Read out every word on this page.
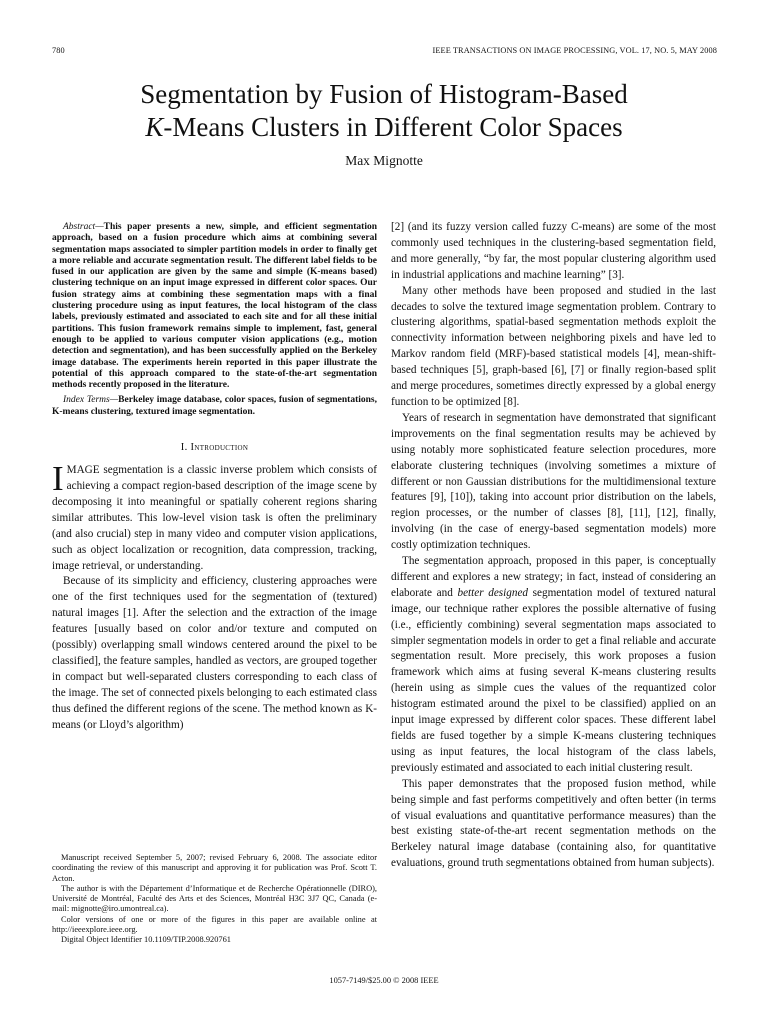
780	IEEE TRANSACTIONS ON IMAGE PROCESSING, VOL. 17, NO. 5, MAY 2008
Segmentation by Fusion of Histogram-Based
K-Means Clusters in Different Color Spaces
Max Mignotte

Abstract—This paper presents a new, simple, and efficient segmentation approach, based on a fusion procedure which aims at combining several segmentation maps associated to simpler partition models in order to finally get a more reliable and accurate segmentation result. The different label fields to be fused in our application are given by the same and simple (K-means based) clustering technique on an input image expressed in different color spaces. Our fusion strategy aims at combining these segmentation maps with a final clustering procedure using as input features, the local histogram of the class labels, previously estimated and associated to each site and for all these initial partitions. This fusion framework remains simple to implement, fast, general enough to be applied to various computer vision applications (e.g., motion detection and segmentation), and has been successfully applied on the Berkeley image database. The experiments herein reported in this paper illustrate the potential of this approach compared to the state-of-the-art segmentation methods recently proposed in the literature.

Index Terms—Berkeley image database, color spaces, fusion of segmentations, K-means clustering, textured image segmentation.

I. Introduction

IMAGE segmentation is a classic inverse problem which consists of achieving a compact region-based description of the image scene by decomposing it into meaningful or spatially coherent regions sharing similar attributes. This low-level vision task is often the preliminary (and also crucial) step in many video and computer vision applications, such as object localization or recognition, data compression, tracking, image retrieval, or understanding.

Because of its simplicity and efficiency, clustering approaches were one of the first techniques used for the segmentation of (textured) natural images [1]. After the selection and the extraction of the image features [usually based on color and/or texture and computed on (possibly) overlapping small windows centered around the pixel to be classified], the feature samples, handled as vectors, are grouped together in compact but well-separated clusters corresponding to each class of the image. The set of connected pixels belonging to each estimated class thus defined the different regions of the scene. The method known as K-means (or Lloyd’s algorithm)

Manuscript received September 5, 2007; revised February 6, 2008. The associate editor coordinating the review of this manuscript and approving it for publication was Prof. Scott T. Acton.

The author is with the Département d’Informatique et de Recherche Opérationnelle (DIRO), Université de Montréal, Faculté des Arts et des Sciences, Montréal H3C 3J7 QC, Canada (e-mail: mignotte@iro.umontreal.ca).

Color versions of one or more of the figures in this paper are available online at http://ieeexplore.ieee.org.

Digital Object Identifier 10.1109/TIP.2008.920761

[2] (and its fuzzy version called fuzzy C-means) are some of the most commonly used techniques in the clustering-based segmentation field, and more generally, “by far, the most popular clustering algorithm used in industrial applications and machine learning” [3].

Many other methods have been proposed and studied in the last decades to solve the textured image segmentation problem. Contrary to clustering algorithms, spatial-based segmentation methods exploit the connectivity information between neighboring pixels and have led to Markov random field (MRF)-based statistical models [4], mean-shift-based techniques [5], graph-based [6], [7] or finally region-based split and merge procedures, sometimes directly expressed by a global energy function to be optimized [8].

Years of research in segmentation have demonstrated that significant improvements on the final segmentation results may be achieved by using notably more sophisticated feature selection procedures, more elaborate clustering techniques (involving sometimes a mixture of different or non Gaussian distributions for the multidimensional texture features [9], [10]), taking into account prior distribution on the labels, region processes, or the number of classes [8], [11], [12], finally, involving (in the case of energy-based segmentation models) more costly optimization techniques.

The segmentation approach, proposed in this paper, is conceptually different and explores a new strategy; in fact, instead of considering an elaborate and better designed segmentation model of textured natural image, our technique rather explores the possible alternative of fusing (i.e., efficiently combining) several segmentation maps associated to simpler segmentation models in order to get a final reliable and accurate segmentation result. More precisely, this work proposes a fusion framework which aims at fusing several K-means clustering results (herein using as simple cues the values of the requantized color histogram estimated around the pixel to be classified) applied on an input image expressed by different color spaces. These different label fields are fused together by a simple K-means clustering techniques using as input features, the local histogram of the class labels, previously estimated and associated to each initial clustering result.

This paper demonstrates that the proposed fusion method, while being simple and fast performs competitively and often better (in terms of visual evaluations and quantitative performance measures) than the best existing state-of-the-art recent segmentation methods on the Berkeley natural image database (containing also, for quantitative evaluations, ground truth segmentations obtained from human subjects).

1057-7149/$25.00 © 2008 IEEE
